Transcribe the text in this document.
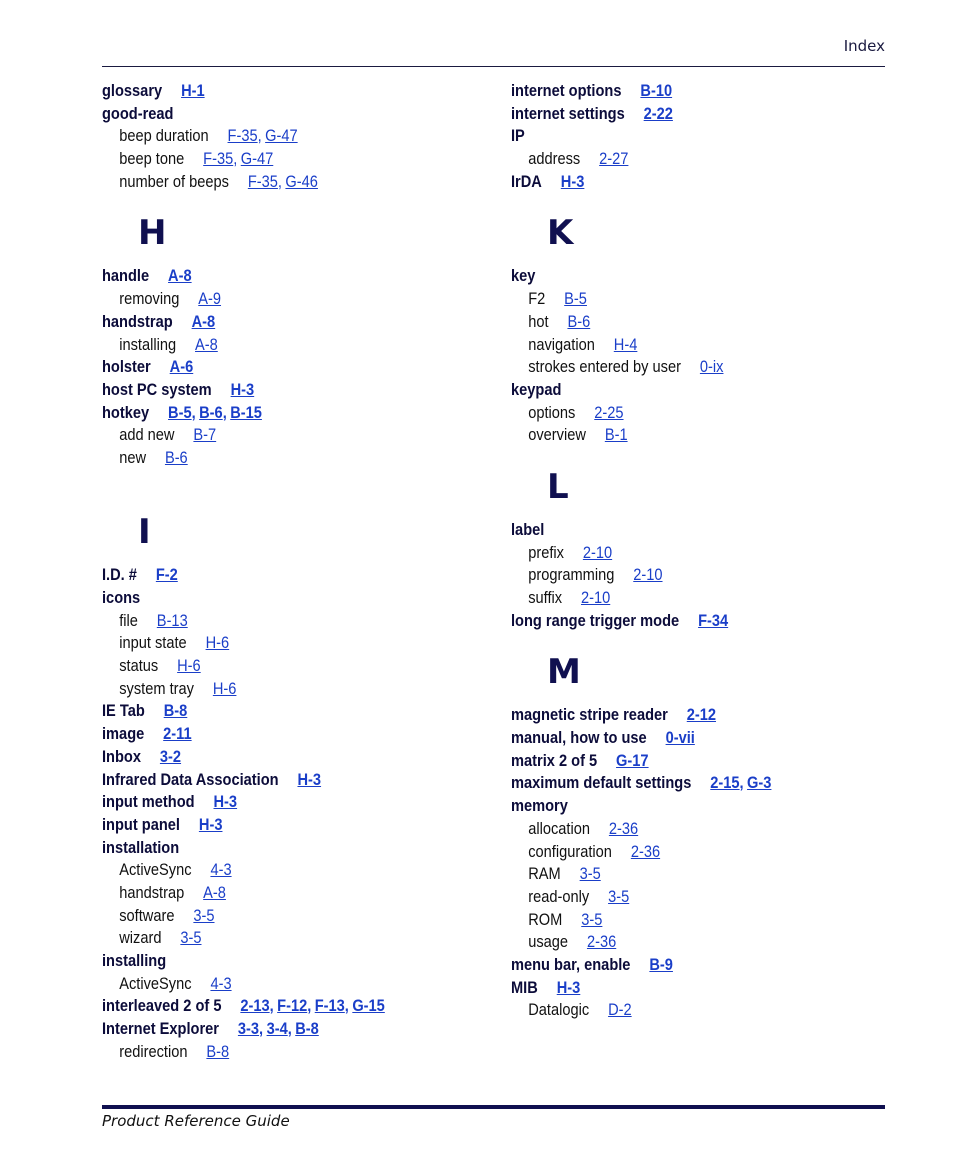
Index
glossary H-1
good-read
beep duration F-35, G-47
beep tone F-35, G-47
number of beeps F-35, G-46
H
handle A-8
removing A-9
handstrap A-8
installing A-8
holster A-6
host PC system H-3
hotkey B-5, B-6, B-15
add new B-7
new B-6
I
I.D. # F-2
icons
file B-13
input state H-6
status H-6
system tray H-6
IE Tab B-8
image 2-11
Inbox 3-2
Infrared Data Association H-3
input method H-3
input panel H-3
installation
ActiveSync 4-3
handstrap A-8
software 3-5
wizard 3-5
installing
ActiveSync 4-3
interleaved 2 of 5 2-13, F-12, F-13, G-15
Internet Explorer 3-3, 3-4, B-8
redirection B-8
internet options B-10
internet settings 2-22
IP
address 2-27
IrDA H-3
K
key
F2 B-5
hot B-6
navigation H-4
strokes entered by user 0-ix
keypad
options 2-25
overview B-1
L
label
prefix 2-10
programming 2-10
suffix 2-10
long range trigger mode F-34
M
magnetic stripe reader 2-12
manual, how to use 0-vii
matrix 2 of 5 G-17
maximum default settings 2-15, G-3
memory
allocation 2-36
configuration 2-36
RAM 3-5
read-only 3-5
ROM 3-5
usage 2-36
menu bar, enable B-9
MIB H-3
Datalogic D-2
Product Reference Guide
